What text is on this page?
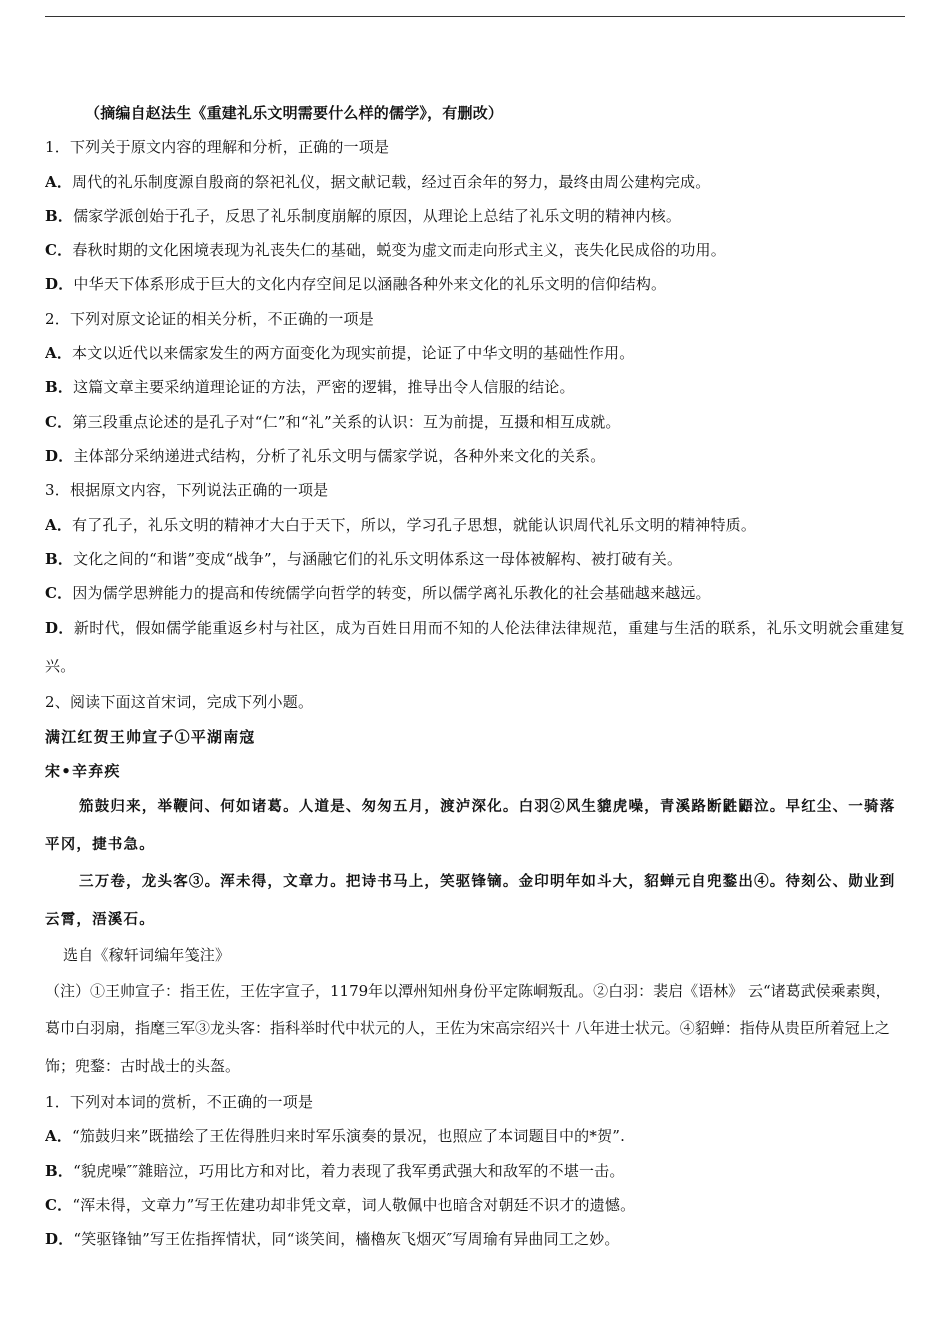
（摘编自赵法生《重建礼乐文明需要什么样的儒学》，有删改）
1．下列关于原文内容的理解和分析，正确的一项是
A．周代的礼乐制度源自殷商的祭祀礼仪，据文献记载，经过百余年的努力，最终由周公建构完成。
B．儒家学派创始于孔子，反思了礼乐制度崩解的原因，从理论上总结了礼乐文明的精神内核。
C．春秋时期的文化困境表现为礼丧失仁的基础，蜕变为虚文而走向形式主义，丧失化民成俗的功用。
D．中华天下体系形成于巨大的文化内存空间足以涵融各种外来文化的礼乐文明的信仰结构。
2．下列对原文论证的相关分析，不正确的一项是
A．本文以近代以来儒家发生的两方面变化为现实前提，论证了中华文明的基础性作用。
B．这篇文章主要采纳道理论证的方法，严密的逻辑，推导出令人信服的结论。
C．第三段重点论述的是孔子对“仁”和“礼”关系的认识：互为前提，互摄和相互成就。
D．主体部分采纳递进式结构，分析了礼乐文明与儒家学说，各种外来文化的关系。
3．根据原文内容，下列说法正确的一项是
A．有了孔子，礼乐文明的精神才大白于天下，所以，学习孔子思想，就能认识周代礼乐文明的精神特质。
B．文化之间的“和谐”变成“战争”，与涵融它们的礼乐文明体系这一母体被解构、被打破有关。
C．因为儒学思辨能力的提高和传统儒学向哲学的转变，所以儒学离礼乐教化的社会基础越来越远。
D．新时代，假如儒学能重返乡村与社区，成为百姓日用而不知的人伦法律法律规范，重建与生活的联系，礼乐文明就会重建复兴。
2、阅读下面这首宋词，完成下列小题。
满江红贺王帅宣子①平湖南寇
宋•辛弃疾
笳鼓归来，举鞭问、何如诸葛。人道是、匆匆五月，渡泸深化。白羽②风生貔虎噪，青溪路断鼪鼯泣。早红尘、一骑落平冈，捷书急。
三万卷，龙头客③。浑未得，文章力。把诗书马上，笑驱锋镝。金印明年如斗大，貂蝉元自兜鍪出④。待刻公、勋业到云霄，浯溪石。
选自《稼轩词编年笺注》
（注）①王帅宣子：指王佐，王佐字宣子，1179年以潭州知州身份平定陈峒叛乱。②白羽：裴启《语林》 云“诸葛武侯乘素舆，葛巾白羽扇，指麾三军③龙头客：指科举时代中状元的人，王佐为宋高宗绍兴十 八年进士状元。④貂蝉：指侍从贵臣所着冠上之饰；兜鍪：古时战士的头盔。
1．下列对本词的赏析，不正确的一项是
A．“笳鼓归来”既描绘了王佐得胜归来时军乐演奏的景况，也照应了本词题目中的*贺”.
B．“貌虎噪″″雜賠泣，巧用比方和对比，着力表现了我军勇武强大和敌军的不堪一击。
C．“浑未得，文章力”写王佐建功却非凭文章，词人敬佩中也暗含对朝廷不识才的遗憾。
D．“笑驱锋铀”写王佐指挥情状，同“谈笑间，檣櫓灰飞烟灭″写周瑜有异曲同工之妙。
